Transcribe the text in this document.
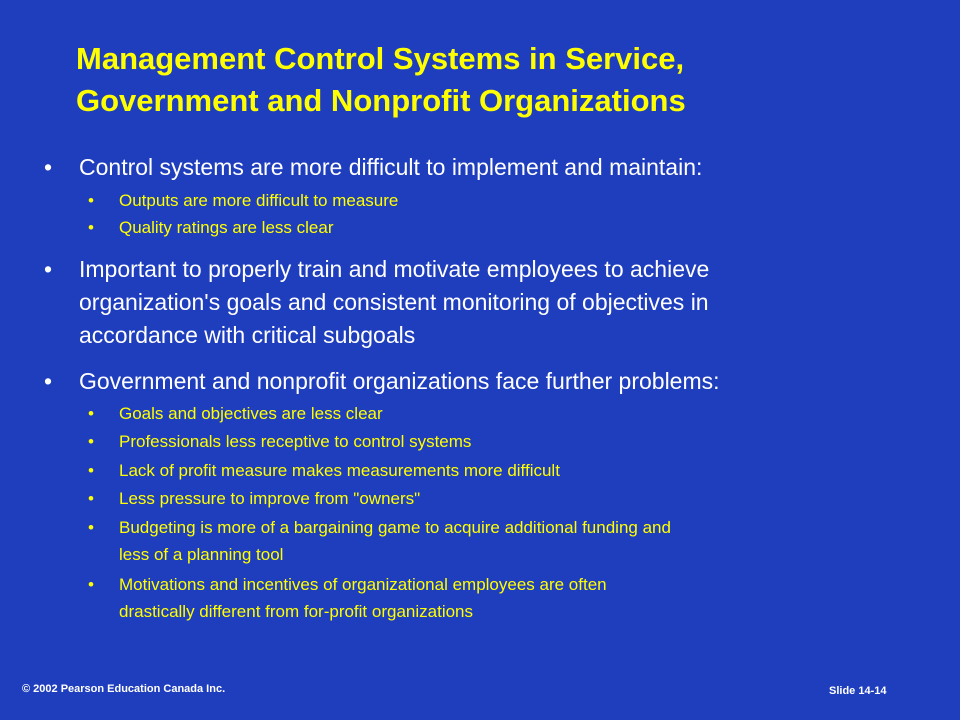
Management Control Systems in Service,
Government and Nonprofit Organizations
• Control systems are more difficult to implement and maintain:
• Outputs are more difficult to measure
• Quality ratings are less clear
• Important to properly train and motivate employees to achieve
organization's goals and consistent monitoring of objectives in
accordance with critical subgoals
• Government and nonprofit organizations face further problems:
• Goals and objectives are less clear
• Professionals less receptive to control systems
• Lack of profit measure makes measurements more difficult
• Less pressure to improve from "owners"
• Budgeting is more of a bargaining game to acquire additional funding and
less of a planning tool
• Motivations and incentives of organizational employees are often
drastically different from for-profit organizations
© 2002 Pearson Education Canada Inc.	Slide 14-14
